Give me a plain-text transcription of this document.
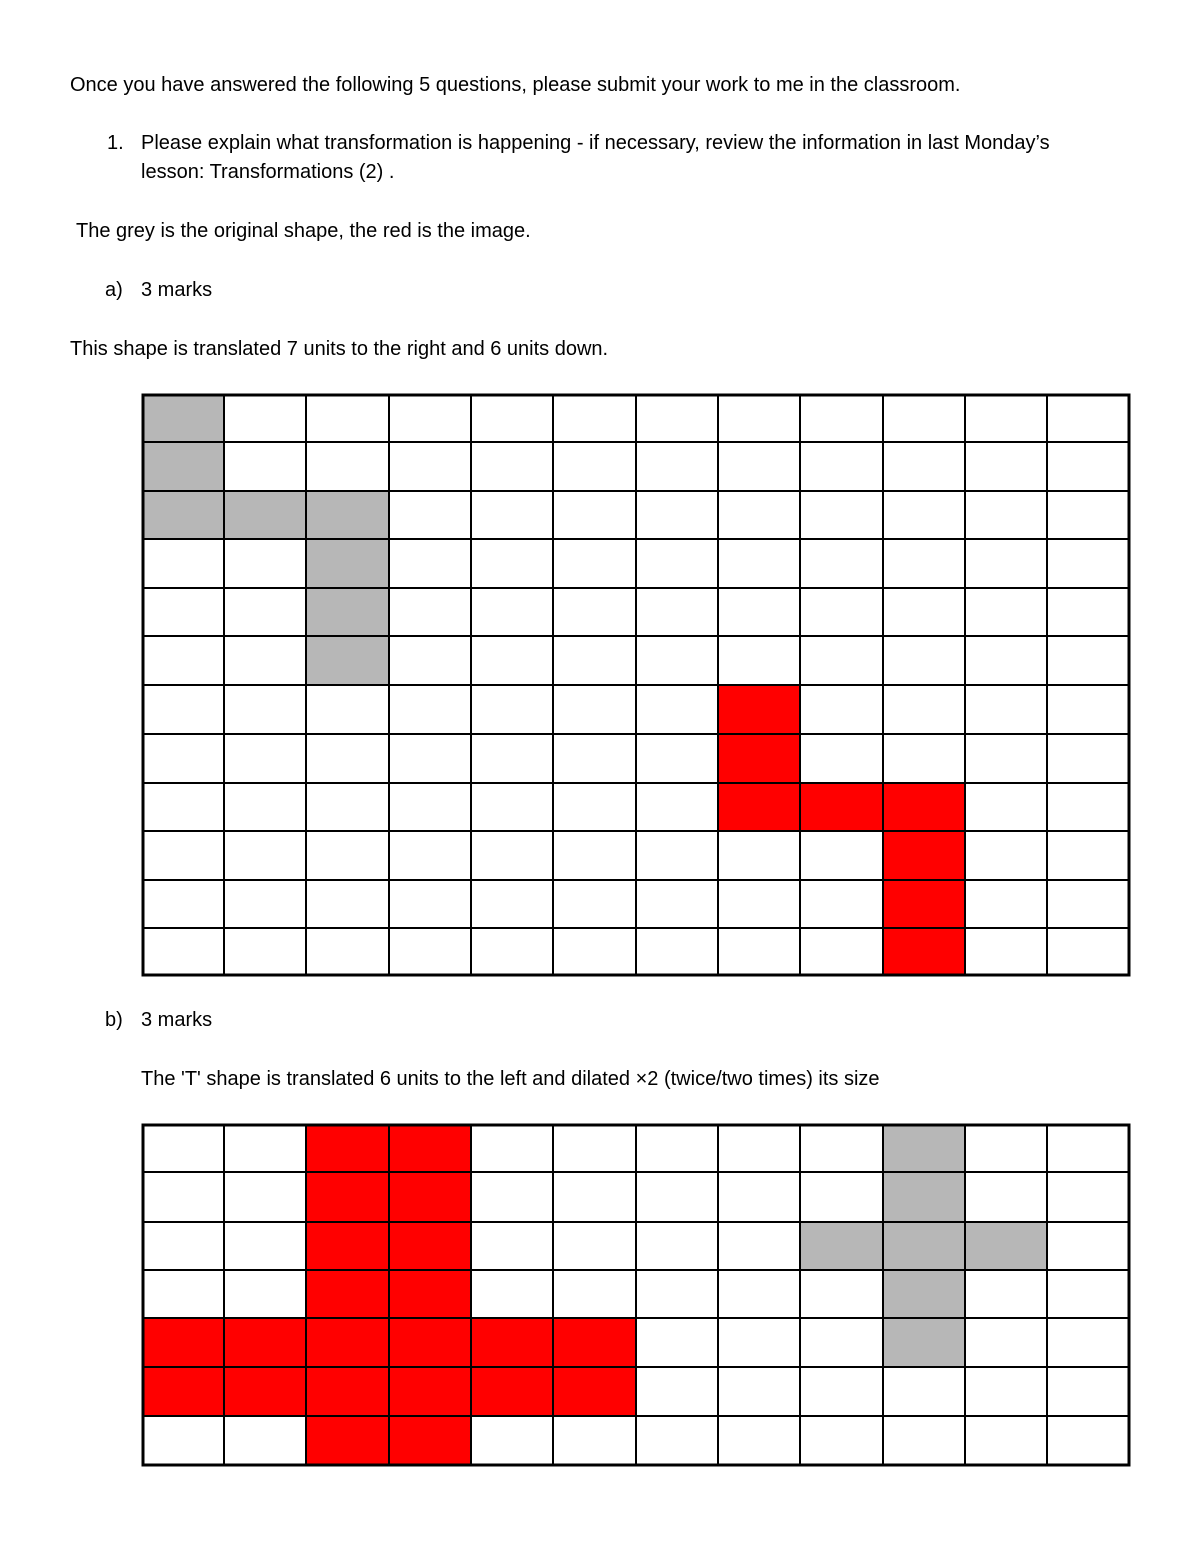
Once you have answered the following 5 questions, please submit your work to me in the classroom.
1. Please explain what transformation is happening - if necessary, review the information in last Monday’s
lesson: Transformations (2) .
The grey is the original shape, the red is the image.
a) 3 marks
This shape is translated 7 units to the right and 6 units down.
b) 3 marks
The 'T' shape is translated 6 units to the left and dilated ×2 (twice/two times) its size
